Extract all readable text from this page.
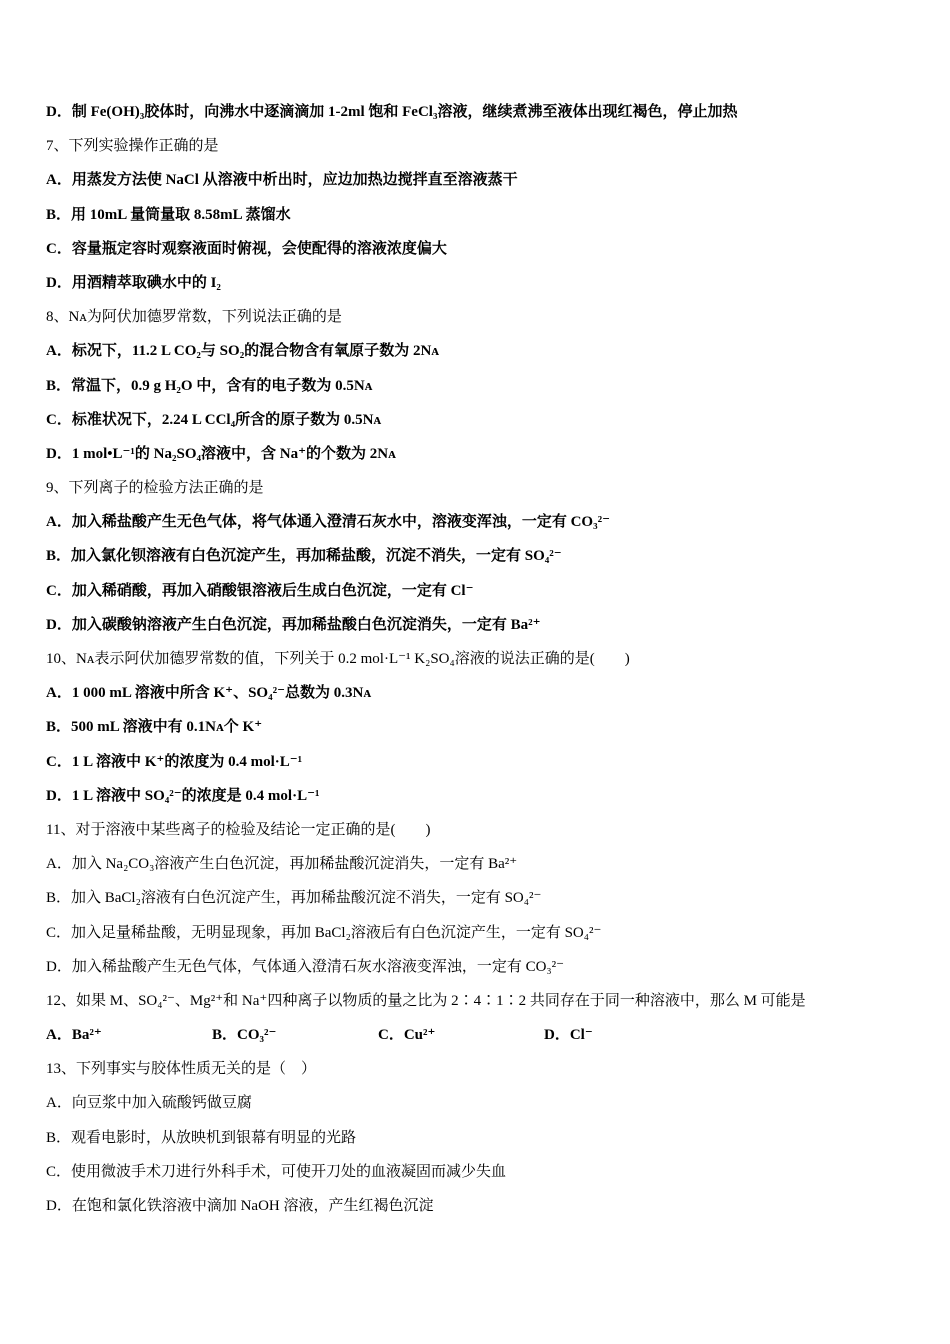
D．制 Fe(OH)₃胶体时，向沸水中逐滴滴加 1-2ml 饱和 FeCl₃溶液，继续煮沸至液体出现红褐色，停止加热
7、下列实验操作正确的是
A．用蒸发方法使 NaCl 从溶液中析出时，应边加热边搅拌直至溶液蒸干
B．用 10mL 量筒量取 8.58mL 蒸馏水
C．容量瓶定容时观察液面时俯视，会使配得的溶液浓度偏大
D．用酒精萃取碘水中的 I₂
8、Nᴀ为阿伏加德罗常数，下列说法正确的是
A．标况下，11.2 L CO₂与 SO₂的混合物含有氧原子数为 2Nᴀ
B．常温下，0.9 g H₂O 中，含有的电子数为 0.5Nᴀ
C．标准状况下，2.24 L CCl₄所含的原子数为 0.5Nᴀ
D．1 mol•L⁻¹的 Na₂SO₄溶液中，含 Na⁺的个数为 2Nᴀ
9、下列离子的检验方法正确的是
A．加入稀盐酸产生无色气体，将气体通入澄清石灰水中，溶液变浑浊，一定有 CO₃²⁻
B．加入氯化钡溶液有白色沉淀产生，再加稀盐酸，沉淀不消失，一定有 SO₄²⁻
C．加入稀硝酸，再加入硝酸银溶液后生成白色沉淀，一定有 Cl⁻
D．加入碳酸钠溶液产生白色沉淀，再加稀盐酸白色沉淀消失，一定有 Ba²⁺
10、Nᴀ表示阿伏加德罗常数的值，下列关于 0.2 mol·L⁻¹ K₂SO₄溶液的说法正确的是(　　)
A．1 000 mL 溶液中所含 K⁺、SO₄²⁻总数为 0.3Nᴀ
B．500 mL 溶液中有 0.1Nᴀ个 K⁺
C．1 L 溶液中 K⁺的浓度为 0.4 mol·L⁻¹
D．1 L 溶液中 SO₄²⁻的浓度是 0.4 mol·L⁻¹
11、对于溶液中某些离子的检验及结论一定正确的是(　　)
A．加入 Na₂CO₃溶液产生白色沉淀，再加稀盐酸沉淀消失，一定有 Ba²⁺
B．加入 BaCl₂溶液有白色沉淀产生，再加稀盐酸沉淀不消失，一定有 SO₄²⁻
C．加入足量稀盐酸，无明显现象，再加 BaCl₂溶液后有白色沉淀产生，一定有 SO₄²⁻
D．加入稀盐酸产生无色气体，气体通入澄清石灰水溶液变浑浊，一定有 CO₃²⁻
12、如果 M、SO₄²⁻、Mg²⁺和 Na⁺四种离子以物质的量之比为 2∶4∶1∶2 共同存在于同一种溶液中，那么 M 可能是
A．Ba²⁺	B．CO₃²⁻	C．Cu²⁺	D．Cl⁻
13、下列事实与胶体性质无关的是（　）
A．向豆浆中加入硫酸钙做豆腐
B．观看电影时，从放映机到银幕有明显的光路
C．使用微波手术刀进行外科手术，可使开刀处的血液凝固而减少失血
D．在饱和氯化铁溶液中滴加 NaOH 溶液，产生红褐色沉淀
